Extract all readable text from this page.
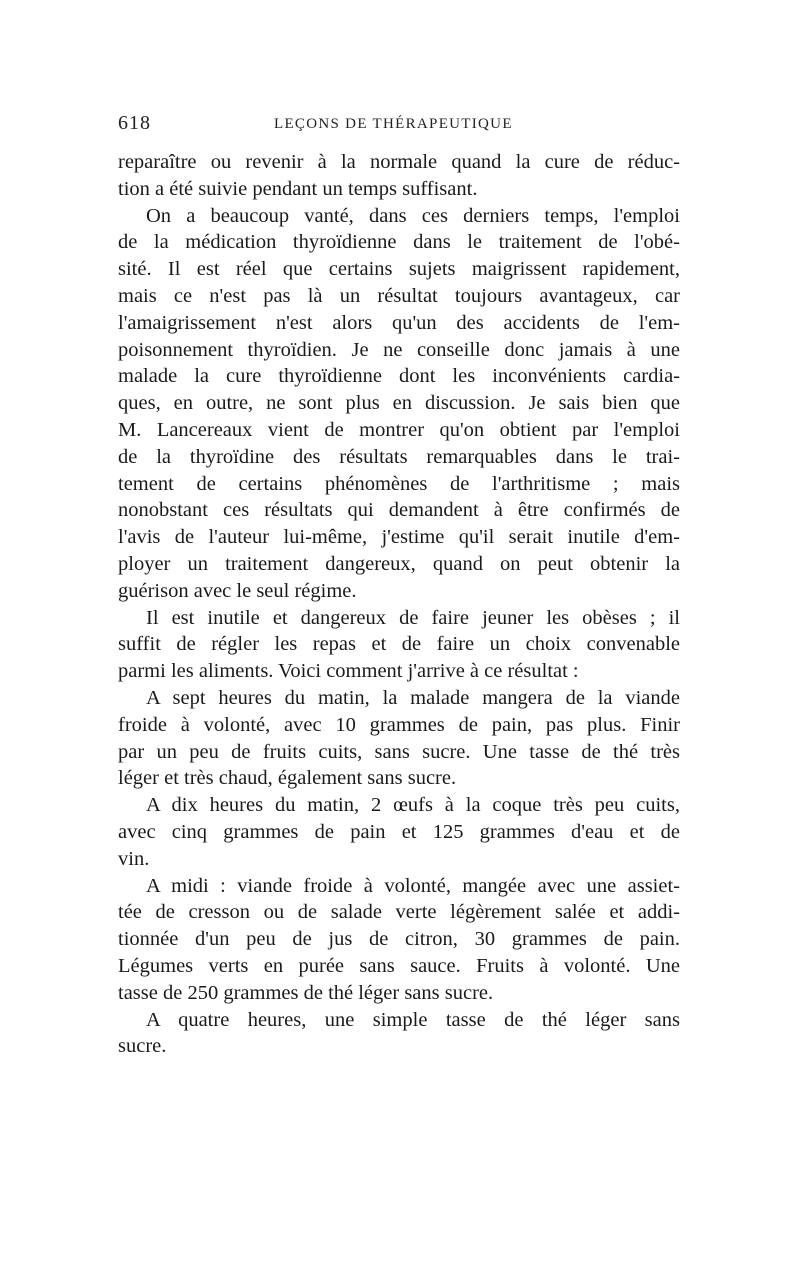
618	LEÇONS DE THÉRAPEUTIQUE
reparaître ou revenir à la normale quand la cure de réduc-
tion a été suivie pendant un temps suffisant.
On a beaucoup vanté, dans ces derniers temps, l'emploi
de la médication thyroïdienne dans le traitement de l'obé-
sité. Il est réel que certains sujets maigrissent rapidement,
mais ce n'est pas là un résultat toujours avantageux, car
l'amaigrissement n'est alors qu'un des accidents de l'em-
poisonnement thyroïdien. Je ne conseille donc jamais à une
malade la cure thyroïdienne dont les inconvénients cardia-
ques, en outre, ne sont plus en discussion. Je sais bien que
M. Lancereaux vient de montrer qu'on obtient par l'emploi
de la thyroïdine des résultats remarquables dans le trai-
tement de certains phénomènes de l'arthritisme ; mais
nonobstant ces résultats qui demandent à être confirmés de
l'avis de l'auteur lui-même, j'estime qu'il serait inutile d'em-
ployer un traitement dangereux, quand on peut obtenir la
guérison avec le seul régime.
Il est inutile et dangereux de faire jeuner les obèses ; il
suffit de régler les repas et de faire un choix convenable
parmi les aliments. Voici comment j'arrive à ce résultat :
A sept heures du matin, la malade mangera de la viande
froide à volonté, avec 10 grammes de pain, pas plus. Finir
par un peu de fruits cuits, sans sucre. Une tasse de thé très
léger et très chaud, également sans sucre.
A dix heures du matin, 2 œufs à la coque très peu cuits,
avec cinq grammes de pain et 125 grammes d'eau et de
vin.
A midi : viande froide à volonté, mangée avec une assiet-
tée de cresson ou de salade verte légèrement salée et addi-
tionnée d'un peu de jus de citron, 30 grammes de pain.
Légumes verts en purée sans sauce. Fruits à volonté. Une
tasse de 250 grammes de thé léger sans sucre.
A quatre heures, une simple tasse de thé léger sans
sucre.
